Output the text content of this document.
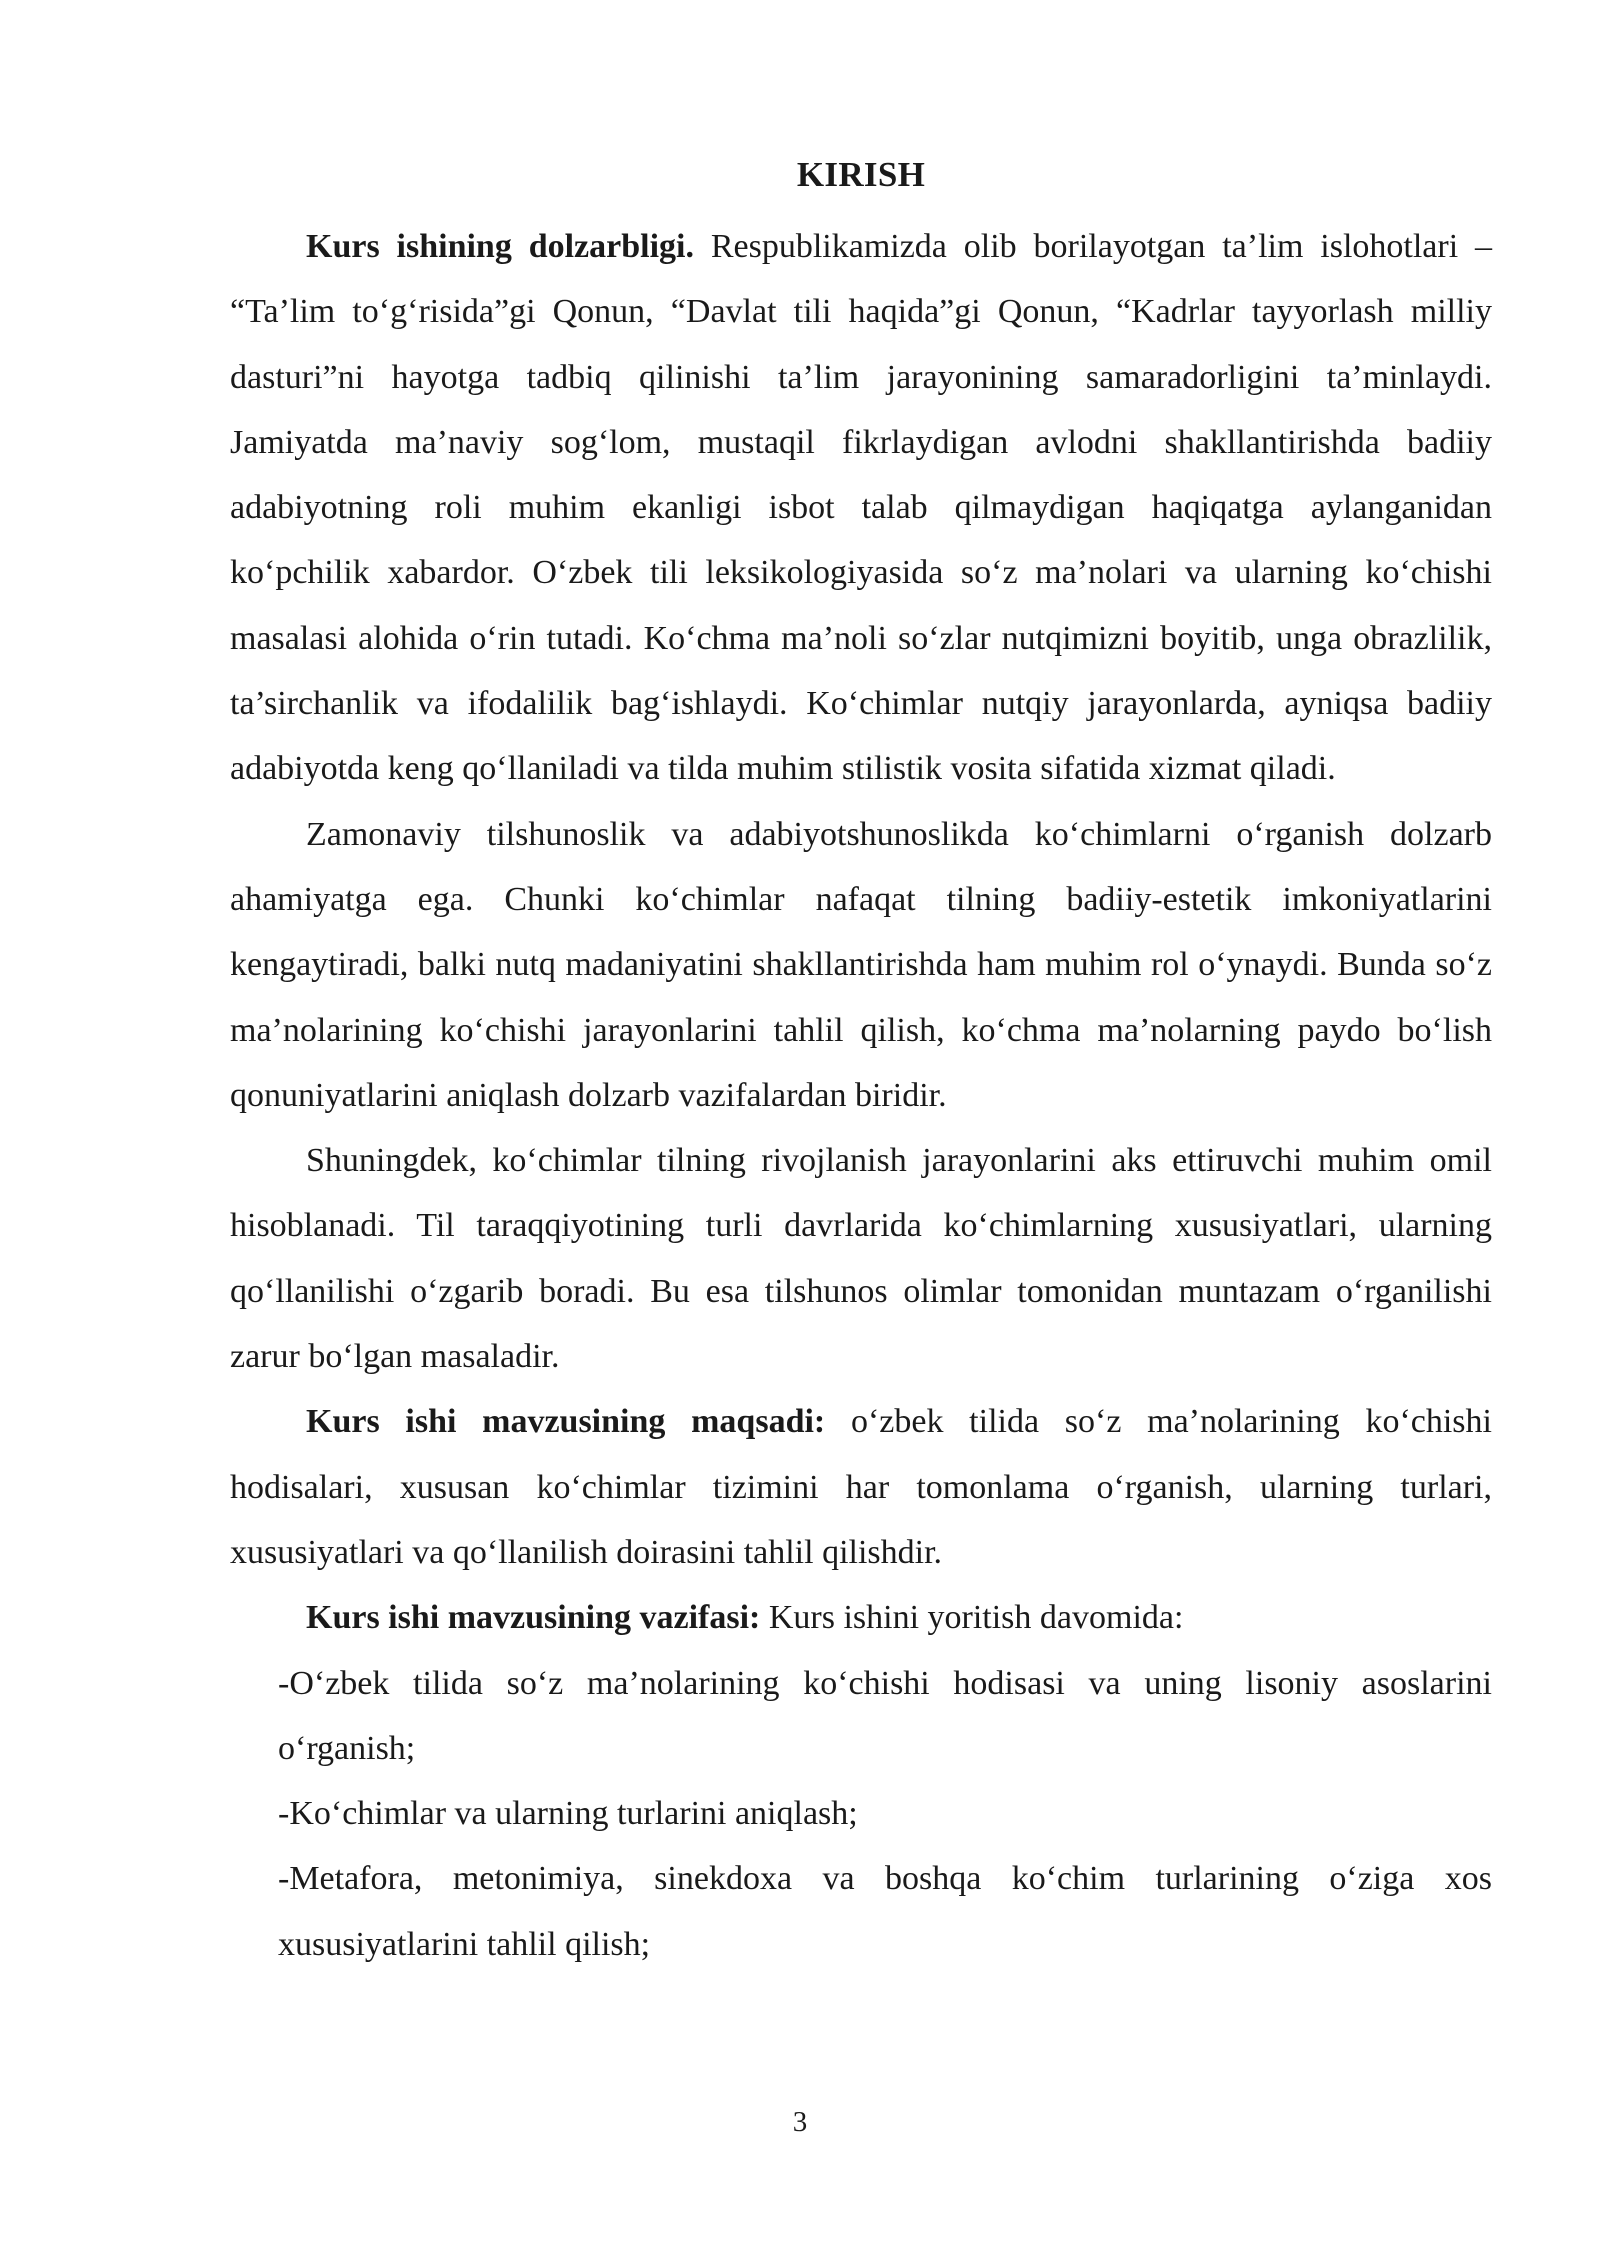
KIRISH

Kurs ishining dolzarbligi. Respublikamizda olib borilayotgan ta’lim islohotlari – “Ta’lim to‘g‘risida”gi Qonun, “Davlat tili haqida”gi Qonun, “Kadrlar tayyorlash milliy dasturi”ni hayotga tadbiq qilinishi ta’lim jarayonining samaradorligini ta’minlaydi. Jamiyatda ma’naviy sog‘lom, mustaqil fikrlaydigan avlodni shakllantirishda badiiy adabiyotning roli muhim ekanligi isbot talab qilmaydigan haqiqatga aylanganidan ko‘pchilik xabardor. O‘zbek tili leksikologiyasida so‘z ma’nolari va ularning ko‘chishi masalasi alohida o‘rin tutadi. Ko‘chma ma’noli so‘zlar nutqimizni boyitib, unga obrazlilik, ta’sirchanlik va ifodalilik bag‘ishlaydi. Ko‘chimlar nutqiy jarayonlarda, ayniqsa badiiy adabiyotda keng qo‘llaniladi va tilda muhim stilistik vosita sifatida xizmat qiladi.

Zamonaviy tilshunoslik va adabiyotshunoslikda ko‘chimlarni o‘rganish dolzarb ahamiyatga ega. Chunki ko‘chimlar nafaqat tilning badiiy-estetik imkoniyatlarini kengaytiradi, balki nutq madaniyatini shakllantirishda ham muhim rol o‘ynaydi. Bunda so‘z ma’nolarining ko‘chishi jarayonlarini tahlil qilish, ko‘chma ma’nolarning paydo bo‘lish qonuniyatlarini aniqlash dolzarb vazifalardan biridir.

Shuningdek, ko‘chimlar tilning rivojlanish jarayonlarini aks ettiruvchi muhim omil hisoblanadi. Til taraqqiyotining turli davrlarida ko‘chimlarning xususiyatlari, ularning qo‘llanilishi o‘zgarib boradi. Bu esa tilshunos olimlar tomonidan muntazam o‘rganilishi zarur bo‘lgan masaladir.

Kurs ishi mavzusining maqsadi: o‘zbek tilida so‘z ma’nolarining ko‘chishi hodisalari, xususan ko‘chimlar tizimini har tomonlama o‘rganish, ularning turlari, xususiyatlari va qo‘llanilish doirasini tahlil qilishdir.

Kurs ishi mavzusining vazifasi: Kurs ishini yoritish davomida:

-O‘zbek tilida so‘z ma’nolarining ko‘chishi hodisasi va uning lisoniy asoslarini o‘rganish;

-Ko‘chimlar va ularning turlarini aniqlash;

-Metafora, metonimiya, sinekdoxa va boshqa ko‘chim turlarining o‘ziga xos xususiyatlarini tahlil qilish;

3
